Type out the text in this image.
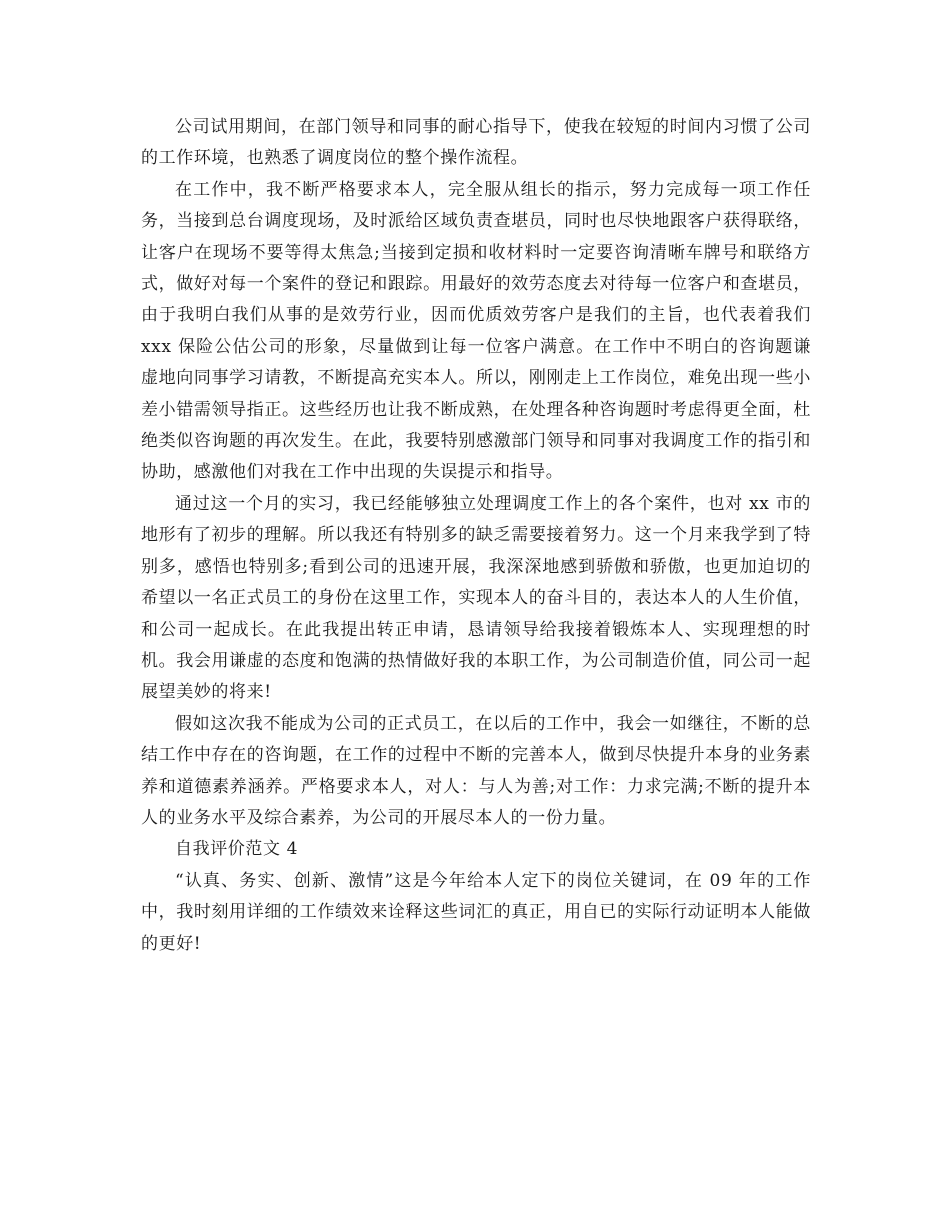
公司试用期间，在部门领导和同事的耐心指导下，使我在较短的时间内习惯了公司的工作环境，也熟悉了调度岗位的整个操作流程。

在工作中，我不断严格要求本人，完全服从组长的指示，努力完成每一项工作任务，当接到总台调度现场，及时派给区域负责查堪员，同时也尽快地跟客户获得联络，让客户在现场不要等得太焦急;当接到定损和收材料时一定要咨询清晰车牌号和联络方式，做好对每一个案件的登记和跟踪。用最好的效劳态度去对待每一位客户和查堪员，由于我明白我们从事的是效劳行业，因而优质效劳客户是我们的主旨，也代表着我们 xxx 保险公估公司的形象，尽量做到让每一位客户满意。在工作中不明白的咨询题谦虚地向同事学习请教，不断提高充实本人。所以，刚刚走上工作岗位，难免出现一些小差小错需领导指正。这些经历也让我不断成熟，在处理各种咨询题时考虑得更全面，杜绝类似咨询题的再次发生。在此，我要特别感激部门领导和同事对我调度工作的指引和协助，感激他们对我在工作中出现的失误提示和指导。

通过这一个月的实习，我已经能够独立处理调度工作上的各个案件，也对 xx 市的地形有了初步的理解。所以我还有特别多的缺乏需要接着努力。这一个月来我学到了特别多，感悟也特别多;看到公司的迅速开展，我深深地感到骄傲和骄傲，也更加迫切的希望以一名正式员工的身份在这里工作，实现本人的奋斗目的，表达本人的人生价值，和公司一起成长。在此我提出转正申请，恳请领导给我接着锻炼本人、实现理想的时机。我会用谦虚的态度和饱满的热情做好我的本职工作，为公司制造价值，同公司一起展望美妙的将来!

假如这次我不能成为公司的正式员工，在以后的工作中，我会一如继往，不断的总结工作中存在的咨询题，在工作的过程中不断的完善本人，做到尽快提升本身的业务素养和道德素养涵养。严格要求本人，对人：与人为善;对工作：力求完满;不断的提升本人的业务水平及综合素养，为公司的开展尽本人的一份力量。

自我评价范文 4

“认真、务实、创新、激情”这是今年给本人定下的岗位关键词，在 09 年的工作中，我时刻用详细的工作绩效来诠释这些词汇的真正，用自已的实际行动证明本人能做的更好!
